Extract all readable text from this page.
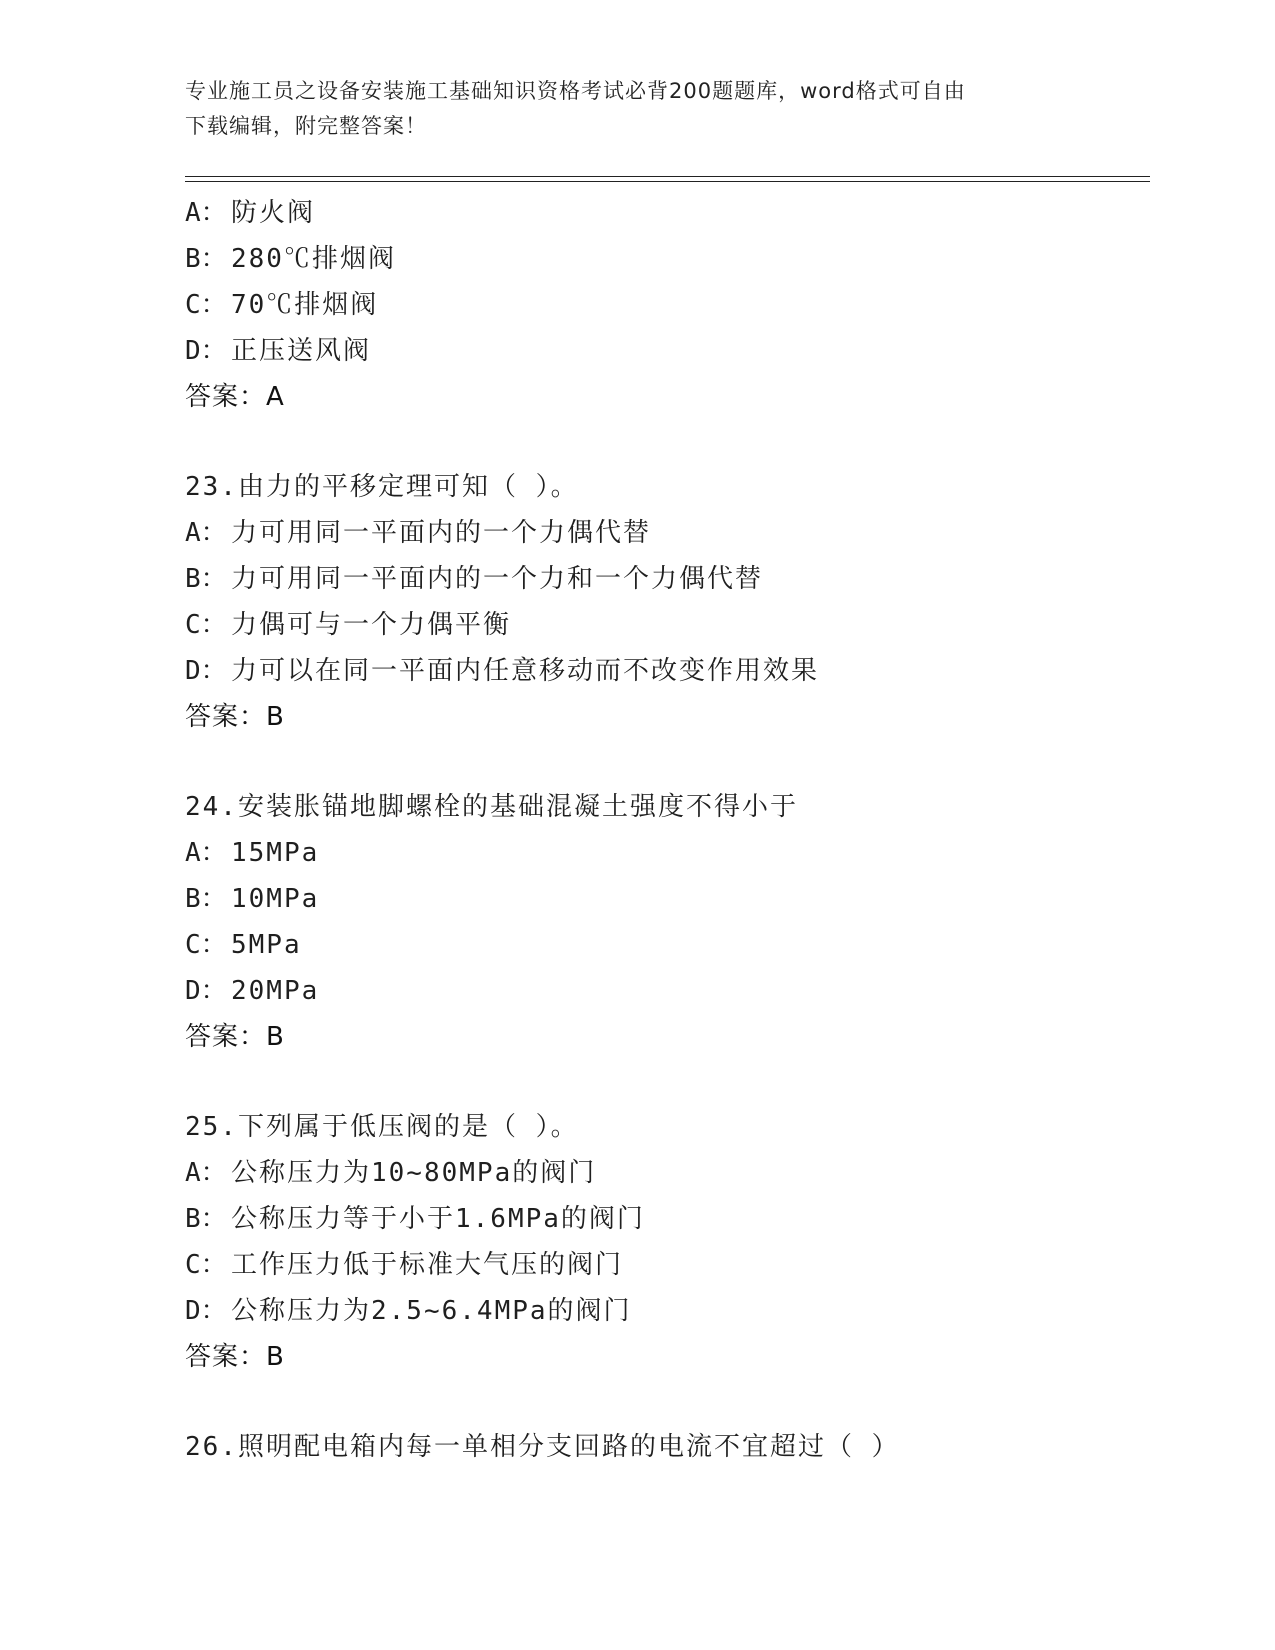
专业施工员之设备安装施工基础知识资格考试必背200题题库，word格式可自由
下载编辑，附完整答案！
A： 防火阀
B： 280℃排烟阀
C： 70℃排烟阀
D： 正压送风阀
答案：A
23.由力的平移定理可知（ ）。
A： 力可用同一平面内的一个力偶代替
B： 力可用同一平面内的一个力和一个力偶代替
C： 力偶可与一个力偶平衡
D： 力可以在同一平面内任意移动而不改变作用效果
答案：B
24.安装胀锚地脚螺栓的基础混凝土强度不得小于
A： 15MPa
B： 10MPa
C： 5MPa
D： 20MPa
答案：B
25.下列属于低压阀的是（ ）。
A： 公称压力为10~80MPa的阀门
B： 公称压力等于小于1.6MPa的阀门
C： 工作压力低于标准大气压的阀门
D： 公称压力为2.5~6.4MPa的阀门
答案：B
26.照明配电箱内每一单相分支回路的电流不宜超过（ ）
